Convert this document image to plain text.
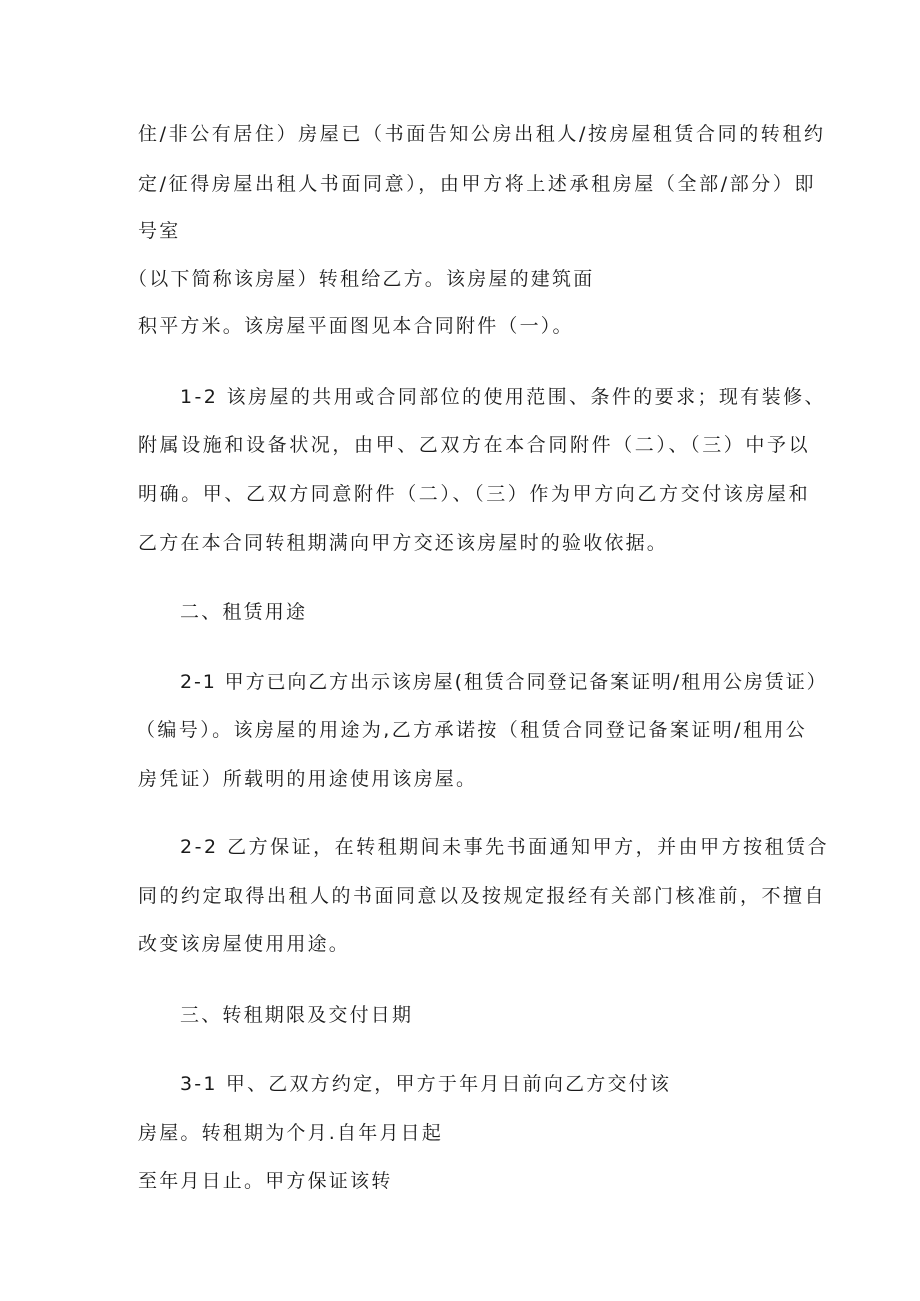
住/非公有居住）房屋已（书面告知公房出租人/按房屋租赁合同的转租约
定/征得房屋出租人书面同意），由甲方将上述承租房屋（全部/部分）即
号室
（以下简称该房屋）转租给乙方。该房屋的建筑面
积平方米。该房屋平面图见本合同附件（一）。
1-2 该房屋的共用或合同部位的使用范围、条件的要求；现有装修、
附属设施和设备状况，由甲、乙双方在本合同附件（二）、（三）中予以
明确。甲、乙双方同意附件（二）、（三）作为甲方向乙方交付该房屋和
乙方在本合同转租期满向甲方交还该房屋时的验收依据。
二、租赁用途
2-1 甲方已向乙方出示该房屋(租赁合同登记备案证明/租用公房赁证）
（编号）。该房屋的用途为,乙方承诺按（租赁合同登记备案证明/租用公
房凭证）所载明的用途使用该房屋。
2-2 乙方保证，在转租期间未事先书面通知甲方，并由甲方按租赁合
同的约定取得出租人的书面同意以及按规定报经有关部门核准前，不擅自
改变该房屋使用用途。
三、转租期限及交付日期
3-1 甲、乙双方约定，甲方于年月日前向乙方交付该
房屋。转租期为个月.自年月日起
至年月日止。甲方保证该转
